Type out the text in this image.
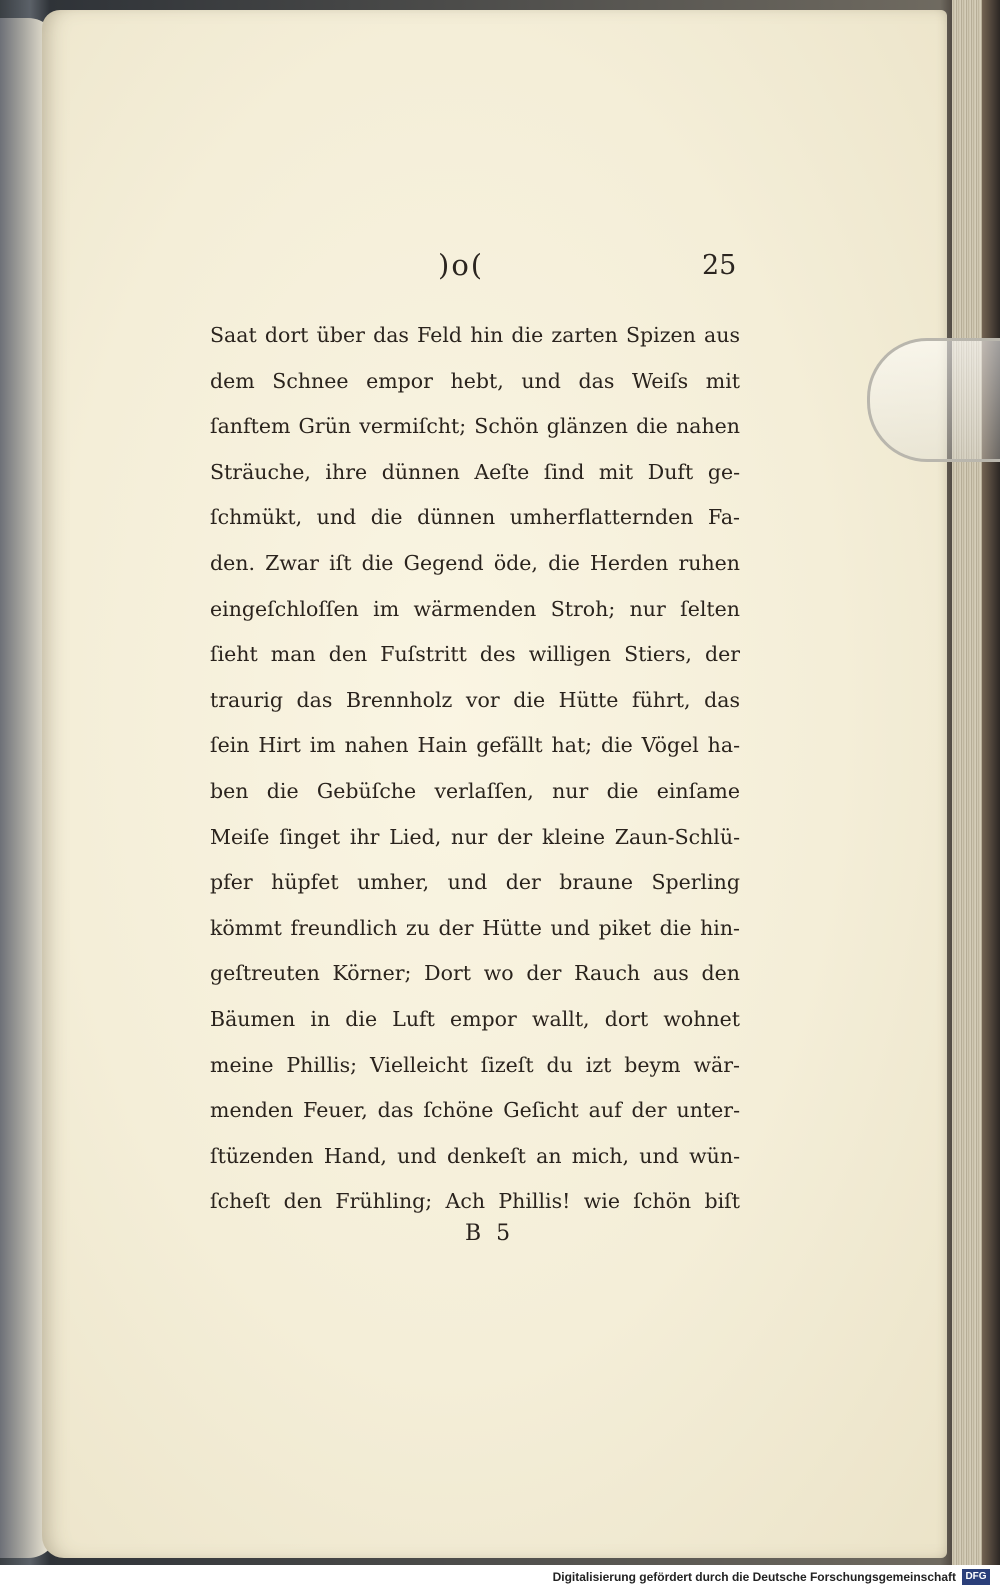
)o(	25
Saat dort über das Feld hin die zarten Spizen aus
dem Schnee empor hebt, und das Weiſs mit
ſanftem Grün vermiſcht; Schön glänzen die nahen
Sträuche, ihre dünnen Aeſte ſind mit Duft ge-
ſchmükt, und die dünnen umherflatternden Fa-
den. Zwar iſt die Gegend öde, die Herden ruhen
eingeſchloſſen im wärmenden Stroh; nur ſelten
ſieht man den Fuſstritt des willigen Stiers, der
traurig das Brennholz vor die Hütte führt, das
ſein Hirt im nahen Hain gefällt hat; die Vögel ha-
ben die Gebüſche verlaſſen, nur die einſame
Meiſe ſinget ihr Lied, nur der kleine Zaun-Schlü-
pfer hüpfet umher, und der braune Sperling
kömmt freundlich zu der Hütte und piket die hin-
geſtreuten Körner; Dort wo der Rauch aus den
Bäumen in die Luft empor wallt, dort wohnet
meine Phillis; Vielleicht ſizeſt du izt beym wär-
menden Feuer, das ſchöne Geſicht auf der unter-
ſtüzenden Hand, und denkeſt an mich, und wün-
ſcheſt den Frühling; Ach Phillis! wie ſchön biſt
B 5
Digitalisierung gefördert durch die Deutsche Forschungsgemeinschaft DFG
